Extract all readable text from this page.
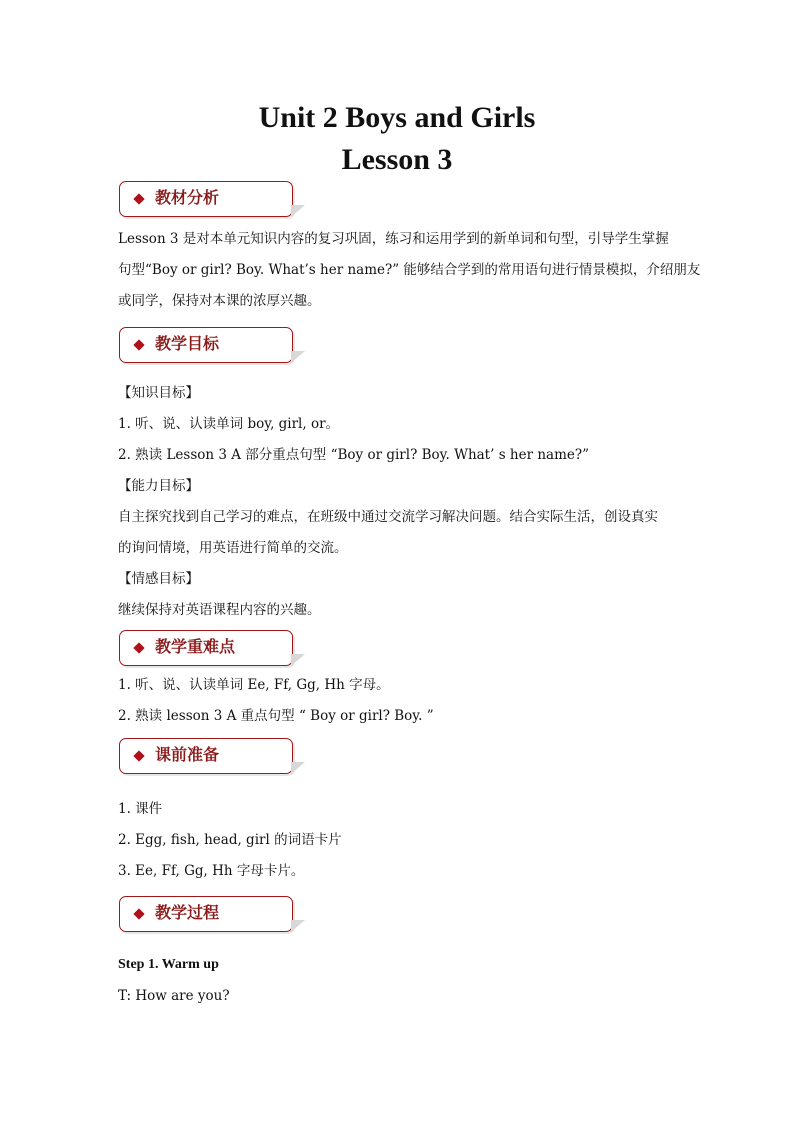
Unit 2 Boys and Girls
Lesson 3
教材分析
Lesson 3 是对本单元知识内容的复习巩固，练习和运用学到的新单词和句型，引导学生掌握
句型“Boy or girl? Boy. What’s her name?” 能够结合学到的常用语句进行情景模拟，介绍朋友
或同学，保持对本课的浓厚兴趣。
教学目标
【知识目标】
1. 听、说、认读单词 boy, girl, or。
2. 熟读 Lesson 3 A 部分重点句型 “Boy or girl? Boy. What’ s her name?”
【能力目标】
自主探究找到自己学习的难点，在班级中通过交流学习解决问题。结合实际生活，创设真实
的询问情境，用英语进行简单的交流。
【情感目标】
继续保持对英语课程内容的兴趣。
教学重难点
1. 听、说、认读单词 Ee, Ff, Gg, Hh 字母。
2. 熟读 lesson 3 A 重点句型 “ Boy or girl? Boy. ”
课前准备
1. 课件
2. Egg, fish, head, girl 的词语卡片
3. Ee, Ff, Gg, Hh 字母卡片。
教学过程
Step 1. Warm up
T: How are you?
